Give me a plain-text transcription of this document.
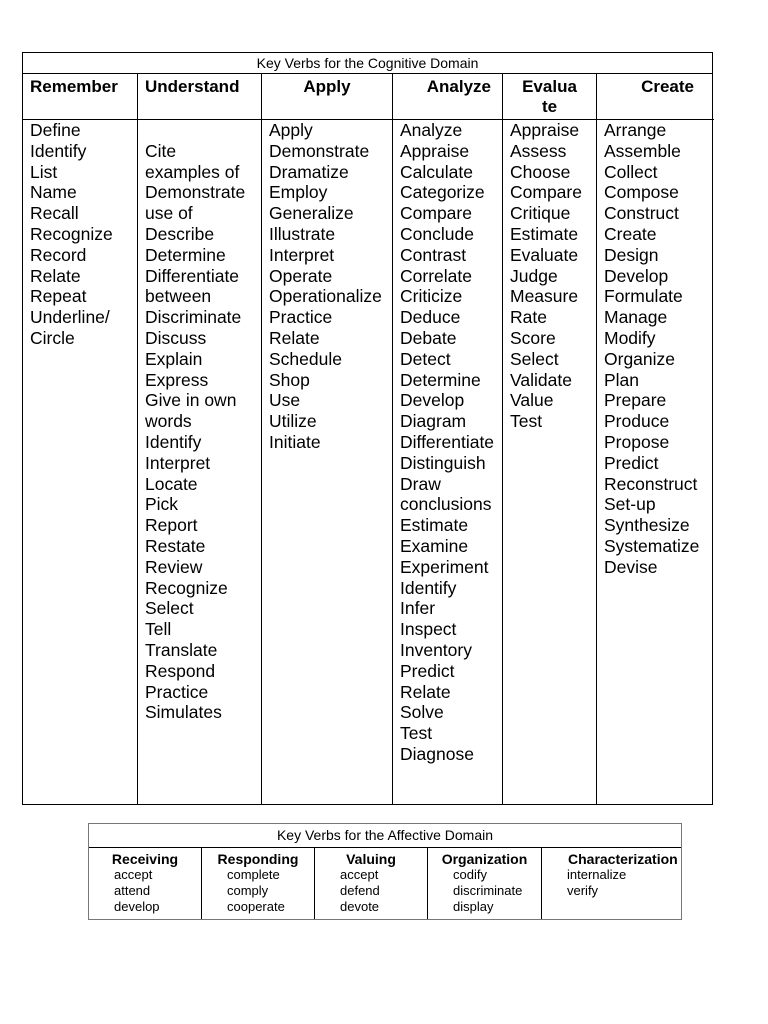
Key Verbs for the Cognitive Domain
Remember
Define
Identify
List
Name
Recall
Recognize
Record
Relate
Repeat
Underline/
Circle
Understand

Cite
examples of
Demonstrate
use of
Describe
Determine
Differentiate
between
Discriminate
Discuss
Explain
Express
Give in own
words
Identify
Interpret
Locate
Pick
Report
Restate
Review
Recognize
Select
Tell
Translate
Respond
Practice
Simulates
Apply
Apply
Demonstrate
Dramatize
Employ
Generalize
Illustrate
Interpret
Operate
Operationalize
Practice
Relate
Schedule
Shop
Use
Utilize
Initiate
Analyze
Analyze
Appraise
Calculate
Categorize
Compare
Conclude
Contrast
Correlate
Criticize
Deduce
Debate
Detect
Determine
Develop
Diagram
Differentiate
Distinguish
Draw
conclusions
Estimate
Examine
Experiment
Identify
Infer
Inspect
Inventory
Predict
Relate
Solve
Test
Diagnose
Evalua
te
Appraise
Assess
Choose
Compare
Critique
Estimate
Evaluate
Judge
Measure
Rate
Score
Select
Validate
Value
Test
Create
Arrange
Assemble
Collect
Compose
Construct
Create
Design
Develop
Formulate
Manage
Modify
Organize
Plan
Prepare
Produce
Propose
Predict
Reconstruct
Set-up
Synthesize
Systematize
Devise
Key Verbs for the Affective Domain
Receiving
accept
attend
develop
Responding
complete
comply
cooperate
Valuing
accept
defend
devote
Organization
codify
discriminate
display
Characterization
internalize
verify
